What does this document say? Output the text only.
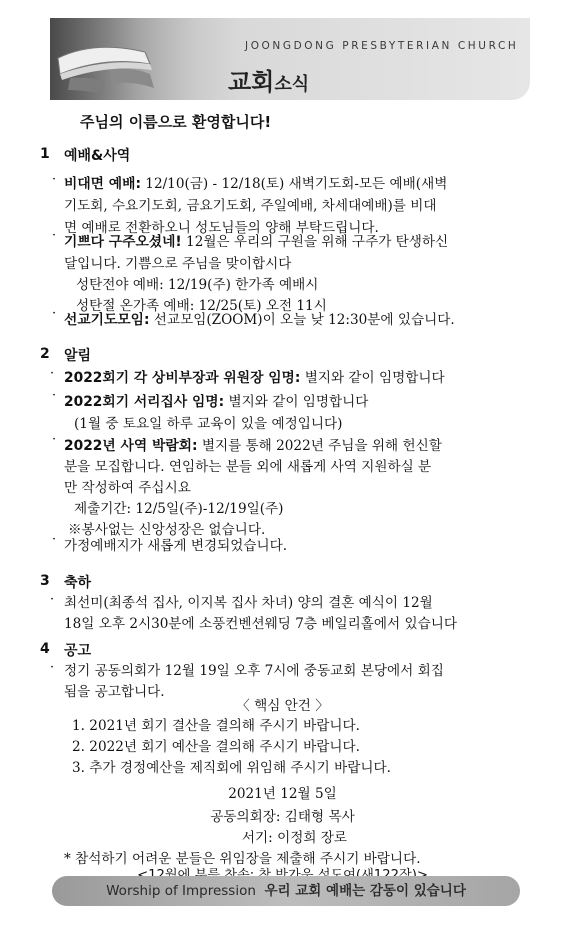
JOONGDONG PRESBYTERIAN CHURCH
교회소식
주님의 이름으로 환영합니다!
1 예배&사역
· 비대면 예배: 12/10(금) - 12/18(토) 새벽기도회-모든 예배(새벽
기도회, 수요기도회, 금요기도회, 주일예배, 차세대예배)를 비대
면 예배로 전환하오니 성도님들의 양해 부탁드립니다.
· 기쁘다 구주오셨네! 12월은 우리의 구원을 위해 구주가 탄생하신
달입니다. 기쁨으로 주님을 맞이합시다
성탄전야 예배: 12/19(주) 한가족 예배시
성탄절 온가족 예배: 12/25(토) 오전 11시
· 선교기도모임: 선교모임(ZOOM)이 오늘 낮 12:30분에 있습니다.
2 알림
· 2022회기 각 상비부장과 위원장 임명: 별지와 같이 임명합니다
· 2022회기 서리집사 임명: 별지와 같이 임명합니다
(1월 중 토요일 하루 교육이 있을 예정입니다)
· 2022년 사역 박람회: 별지를 통해 2022년 주님을 위해 헌신할
분을 모집합니다. 연임하는 분들 외에 새롭게 사역 지원하실 분
만 작성하여 주십시요
제출기간: 12/5일(주)-12/19일(주)
※봉사없는 신앙성장은 없습니다.
· 가정예배지가 새롭게 변경되었습니다.
3 축하
· 최선미(최종석 집사, 이지복 집사 차녀) 양의 결혼 예식이 12월
18일 오후 2시30분에 소풍컨벤션웨딩 7층 베일리홀에서 있습니다
4 공고
· 정기 공동의회가 12월 19일 오후 7시에 중동교회 본당에서 회집
됨을 공고합니다.
〈 핵심 안건 〉
1. 2021년 회기 결산을 결의해 주시기 바랍니다.
2. 2022년 회기 예산을 결의해 주시기 바랍니다.
3. 추가 경정예산을 제직회에 위임해 주시기 바랍니다.
2021년 12월 5일
공동의회장: 김태형 목사
서기: 이정희 장로
* 참석하기 어려운 분들은 위임장을 제출해 주시기 바랍니다.
Worship of Impression 우리 교회 예배는 감동이 있습니다
